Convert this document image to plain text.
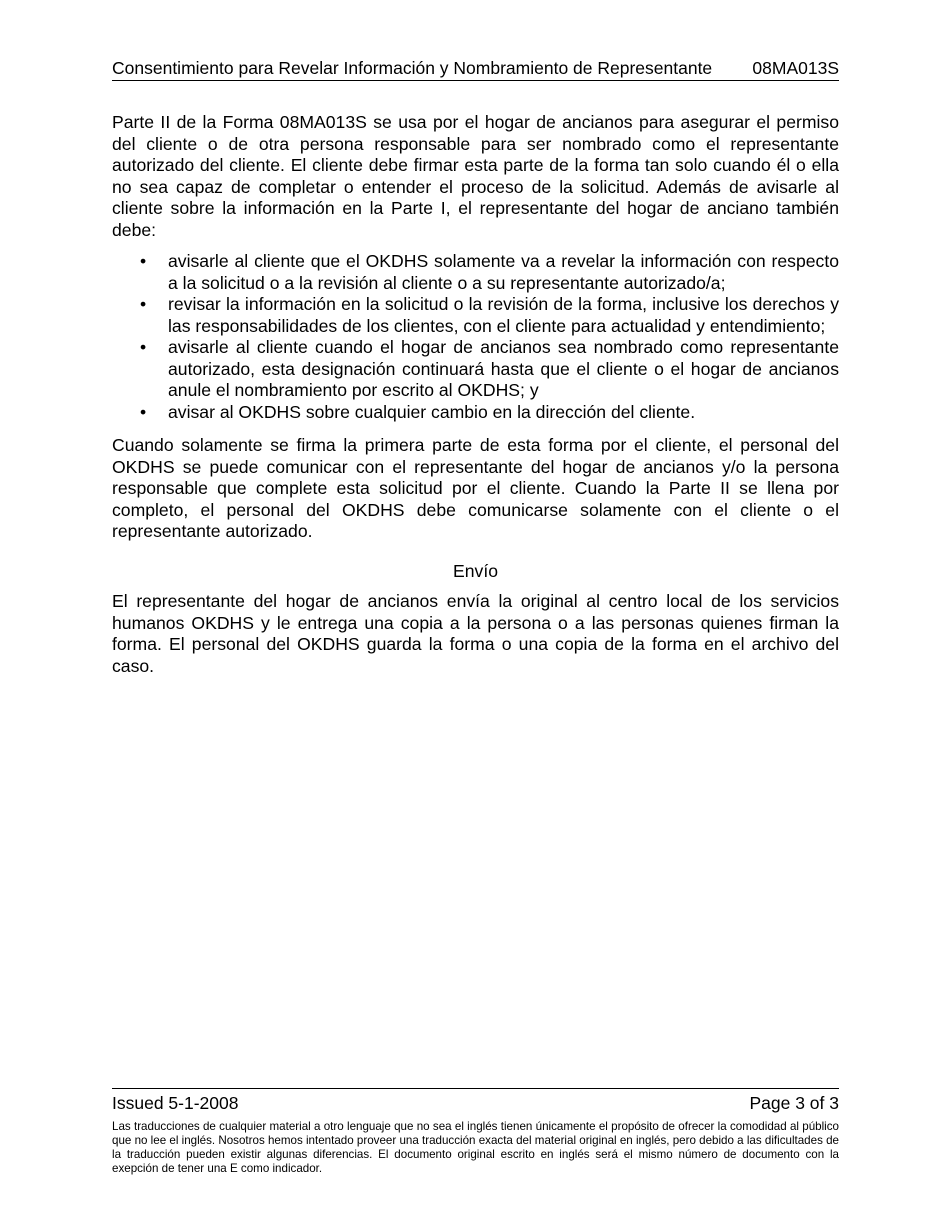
Consentimiento para Revelar Información y Nombramiento de Representante 08MA013S

Parte II de la Forma 08MA013S se usa por el hogar de ancianos para asegurar el permiso del cliente o de otra persona responsable para ser nombrado como el representante autorizado del cliente. El cliente debe firmar esta parte de la forma tan solo cuando él o ella no sea capaz de completar o entender el proceso de la solicitud. Además de avisarle al cliente sobre la información en la Parte I, el representante del hogar de anciano también debe:

• avisarle al cliente que el OKDHS solamente va a revelar la información con respecto a la solicitud o a la revisión al cliente o a su representante autorizado/a;
• revisar la información en la solicitud o la revisión de la forma, inclusive los derechos y las responsabilidades de los clientes, con el cliente para actualidad y entendimiento;
• avisarle al cliente cuando el hogar de ancianos sea nombrado como representante autorizado, esta designación continuará hasta que el cliente o el hogar de ancianos anule el nombramiento por escrito al OKDHS; y
• avisar al OKDHS sobre cualquier cambio en la dirección del cliente.

Cuando solamente se firma la primera parte de esta forma por el cliente, el personal del OKDHS se puede comunicar con el representante del hogar de ancianos y/o la persona responsable que complete esta solicitud por el cliente. Cuando la Parte II se llena por completo, el personal del OKDHS debe comunicarse solamente con el cliente o el representante autorizado.

Envío

El representante del hogar de ancianos envía la original al centro local de los servicios humanos OKDHS y le entrega una copia a la persona o a las personas quienes firman la forma. El personal del OKDHS guarda la forma o una copia de la forma en el archivo del caso.

Issued 5-1-2008	Page 3 of 3
Las traducciones de cualquier material a otro lenguaje que no sea el inglés tienen únicamente el propósito de ofrecer la comodidad al público que no lee el inglés. Nosotros hemos intentado proveer una traducción exacta del material original en inglés, pero debido a las dificultades de la traducción pueden existir algunas diferencias. El documento original escrito en inglés será el mismo número de documento con la exepción de tener una E como indicador.
